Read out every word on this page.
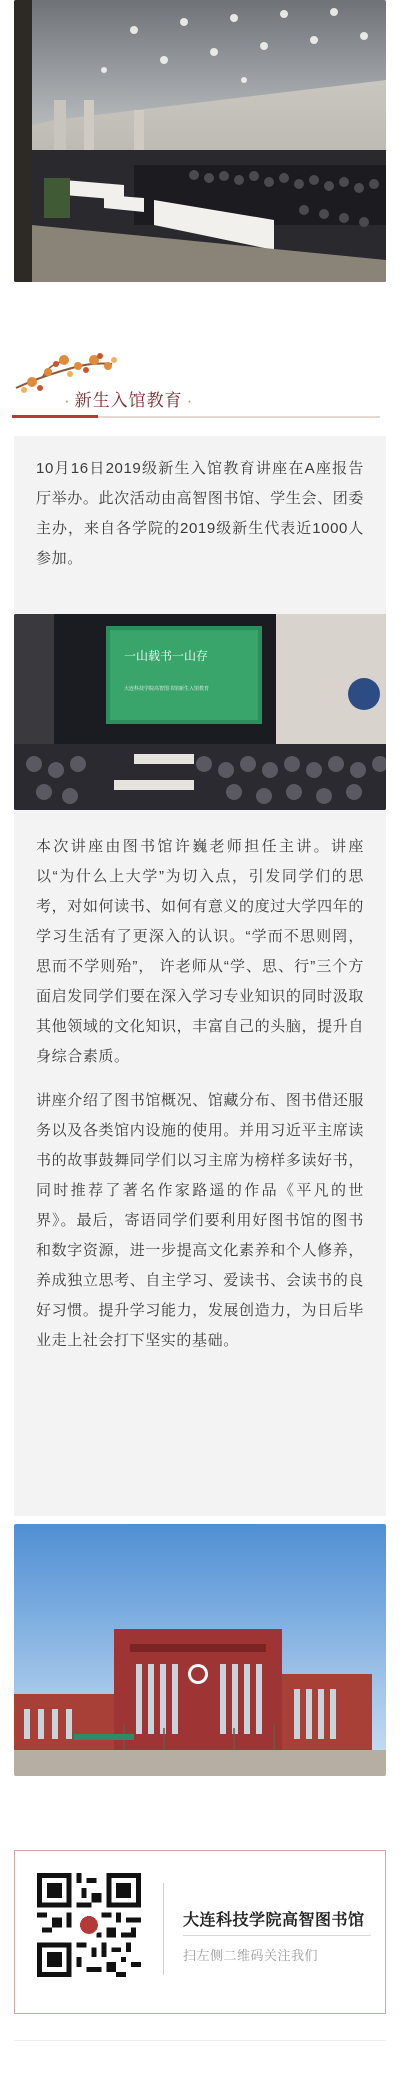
· 新生入馆教育 ·

10月16日2019级新生入馆教育讲座在A座报告厅举办。此次活动由高智图书馆、学生会、团委主办，来自各学院的2019级新生代表近1000人参加。

一山载书一山存
大连科技学院高智图书馆新生入馆教育

本次讲座由图书馆许巍老师担任主讲。讲座以“为什么上大学”为切入点，引发同学们的思考，对如何读书、如何有意义的度过大学四年的学习生活有了更深入的认识。“学而不思则罔，思而不学则殆”， 许老师从“学、思、行”三个方面启发同学们要在深入学习专业知识的同时汲取其他领域的文化知识，丰富自己的头脑，提升自身综合素质。

讲座介绍了图书馆概况、馆藏分布、图书借还服务以及各类馆内设施的使用。并用习近平主席读书的故事鼓舞同学们以习主席为榜样多读好书，同时推荐了著名作家路遥的作品《平凡的世界》。最后，寄语同学们要利用好图书馆的图书和数字资源，进一步提高文化素养和个人修养，养成独立思考、自主学习、爱读书、会读书的良好习惯。提升学习能力，发展创造力，为日后毕业走上社会打下坚实的基础。

大连科技学院高智图书馆
扫左侧二维码关注我们
